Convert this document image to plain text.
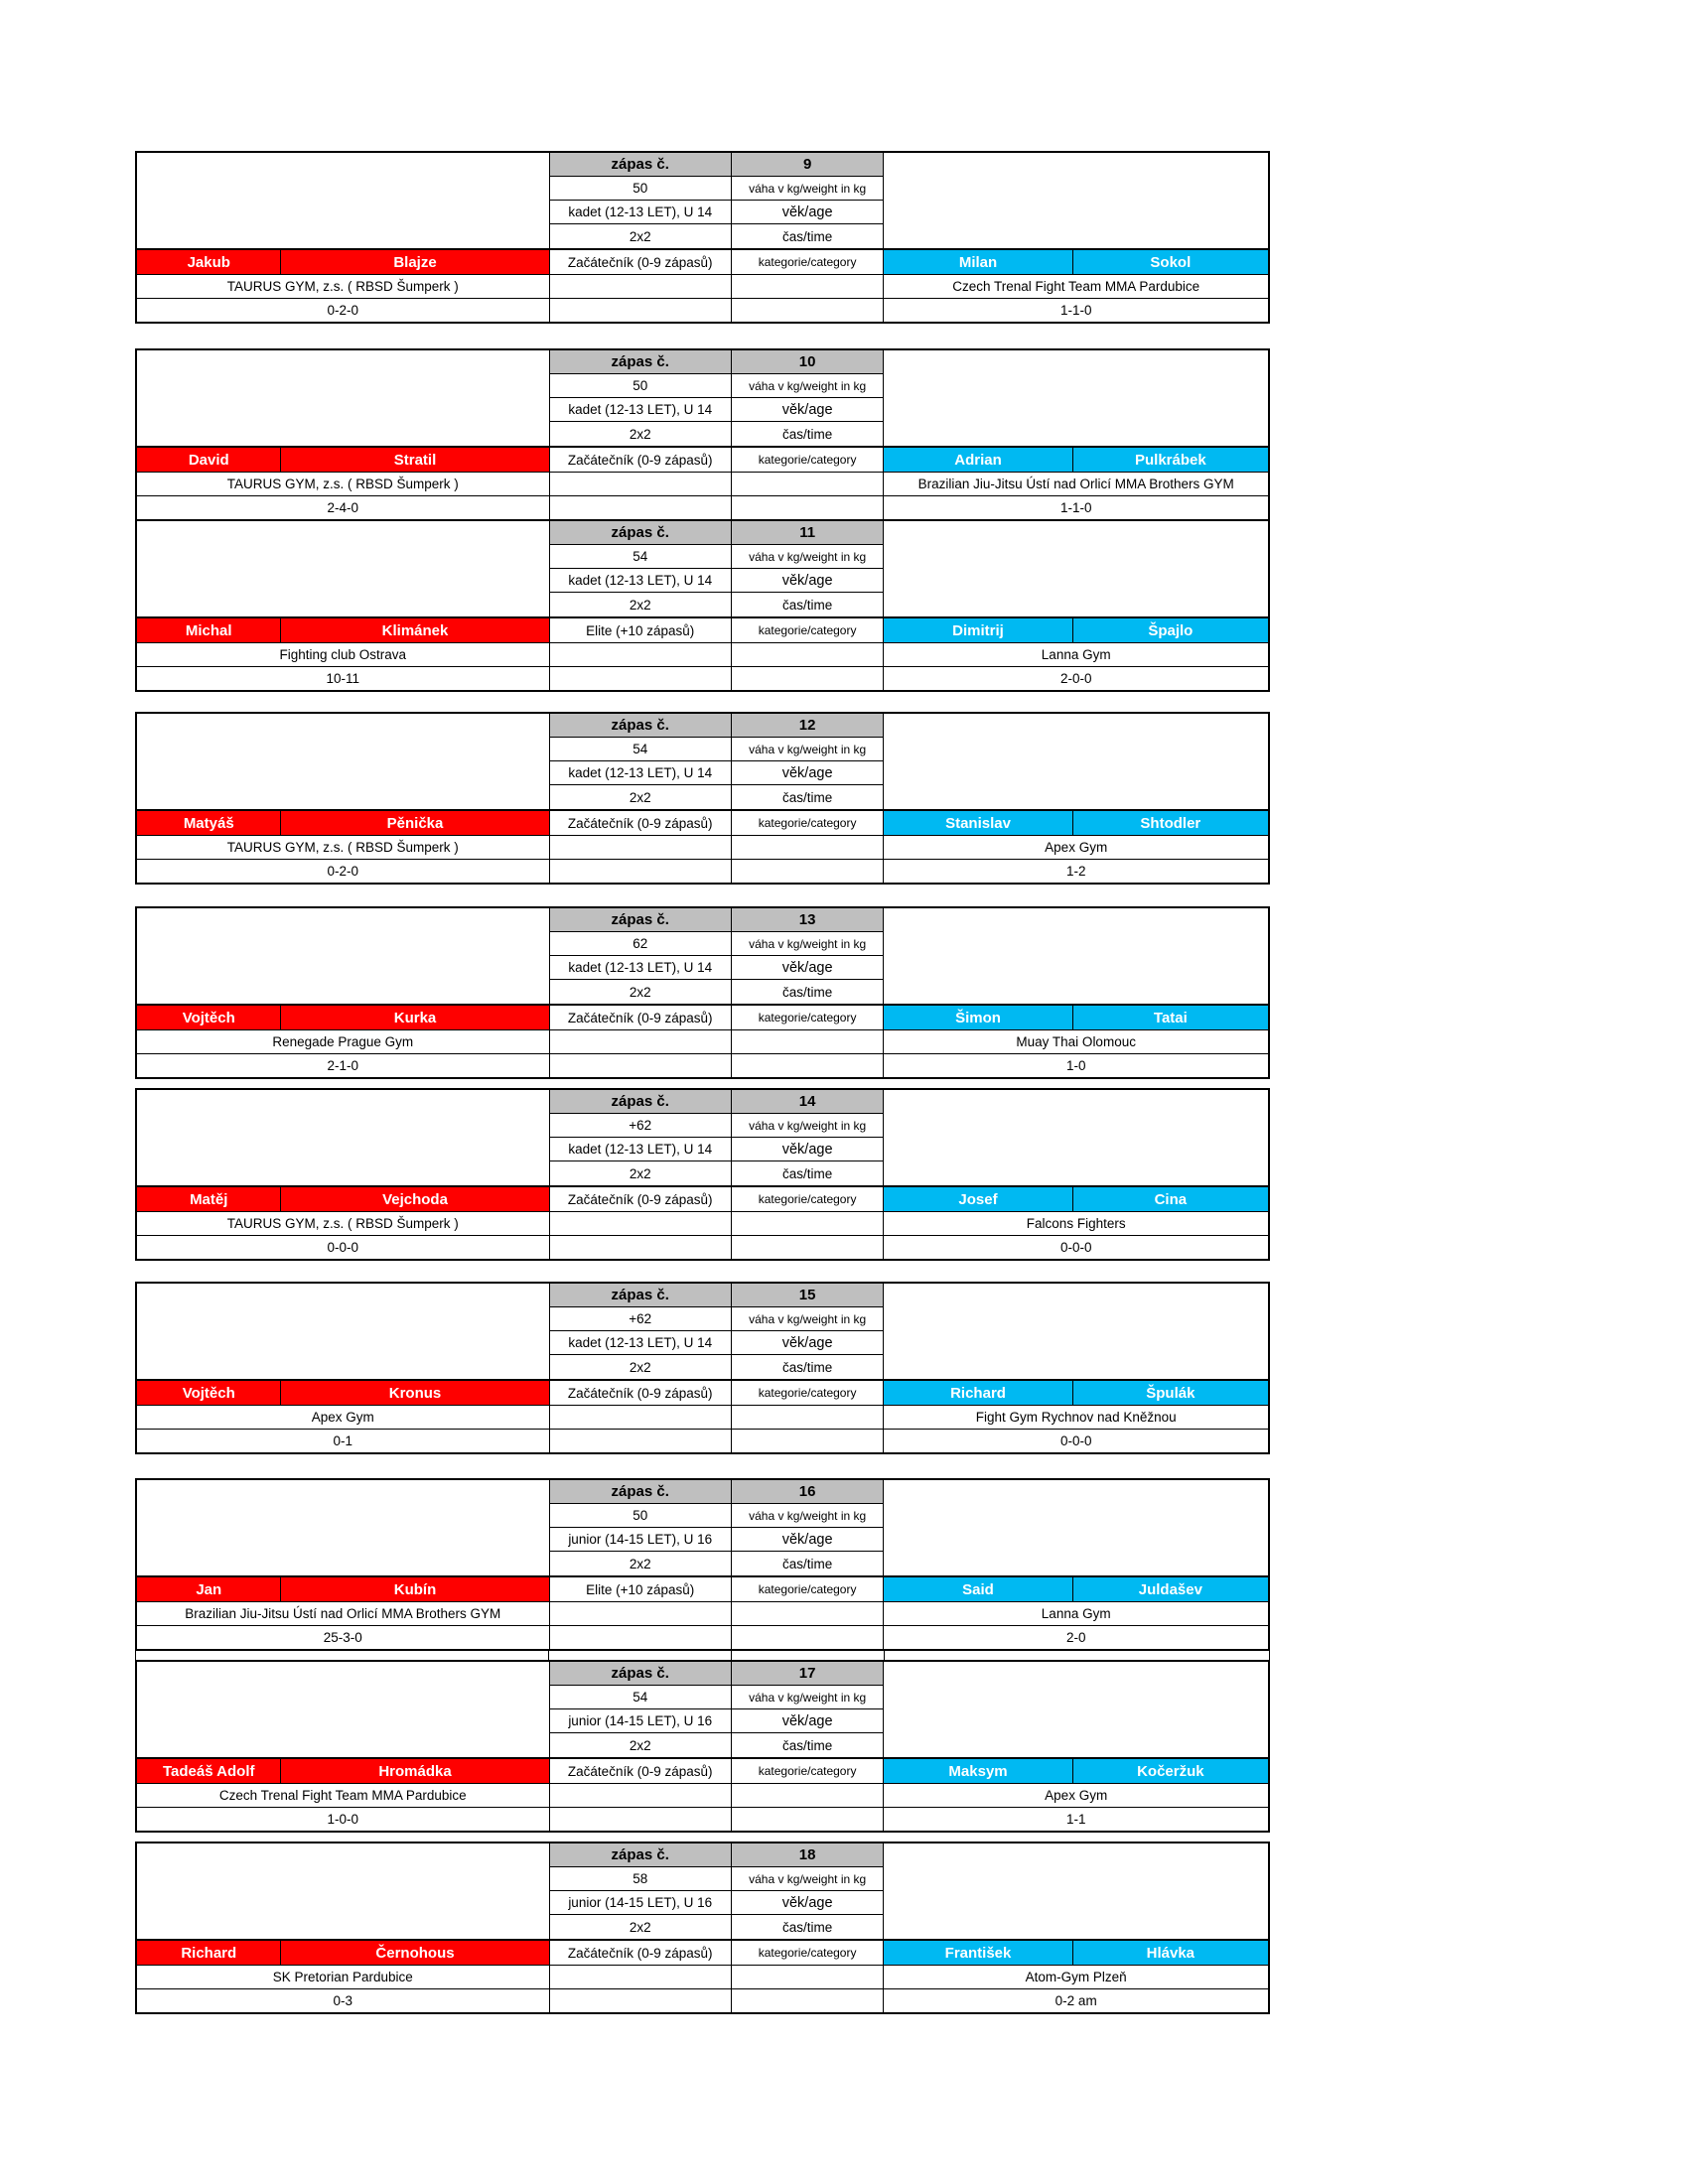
zápas č.	9
50	váha v kg/weight in kg
kadet (12-13 LET), U 14	věk/age
2x2	čas/time
Jakub	Blajze	Začátečník (0-9 zápasů)	kategorie/category	Milan	Sokol
TAURUS GYM, z.s. ( RBSD Šumperk )	Czech Trenal Fight Team MMA Pardubice
0-2-0	1-1-0
zápas č.	10
50	váha v kg/weight in kg
kadet (12-13 LET), U 14	věk/age
2x2	čas/time
David	Stratil	Začátečník (0-9 zápasů)	kategorie/category	Adrian	Pulkrábek
TAURUS GYM, z.s. ( RBSD Šumperk )	Brazilian Jiu-Jitsu Ústí nad Orlicí MMA Brothers GYM
2-4-0	1-1-0
zápas č.	11
54	váha v kg/weight in kg
kadet (12-13 LET), U 14	věk/age
2x2	čas/time
Michal	Klimánek	Elite (+10 zápasů)	kategorie/category	Dimitrij	Špajlo
Fighting club Ostrava	Lanna Gym
10-11	2-0-0
zápas č.	12
54	váha v kg/weight in kg
kadet (12-13 LET), U 14	věk/age
2x2	čas/time
Matyáš	Pěnička	Začátečník (0-9 zápasů)	kategorie/category	Stanislav	Shtodler
TAURUS GYM, z.s. ( RBSD Šumperk )	Apex Gym
0-2-0	1-2
zápas č.	13
62	váha v kg/weight in kg
kadet (12-13 LET), U 14	věk/age
2x2	čas/time
Vojtěch	Kurka	Začátečník (0-9 zápasů)	kategorie/category	Šimon	Tatai
Renegade Prague Gym	Muay Thai Olomouc
2-1-0	1-0
zápas č.	14
+62	váha v kg/weight in kg
kadet (12-13 LET), U 14	věk/age
2x2	čas/time
Matěj	Vejchoda	Začátečník (0-9 zápasů)	kategorie/category	Josef	Cina
TAURUS GYM, z.s. ( RBSD Šumperk )	Falcons Fighters
0-0-0	0-0-0
zápas č.	15
+62	váha v kg/weight in kg
kadet (12-13 LET), U 14	věk/age
2x2	čas/time
Vojtěch	Kronus	Začátečník (0-9 zápasů)	kategorie/category	Richard	Špulák
Apex Gym	Fight Gym Rychnov nad Kněžnou
0-1	0-0-0
zápas č.	16
50	váha v kg/weight in kg
junior (14-15 LET), U 16	věk/age
2x2	čas/time
Jan	Kubín	Elite (+10 zápasů)	kategorie/category	Said	Juldašev
Brazilian Jiu-Jitsu Ústí nad Orlicí MMA Brothers GYM	Lanna Gym
25-3-0	2-0
zápas č.	17
54	váha v kg/weight in kg
junior (14-15 LET), U 16	věk/age
2x2	čas/time
Tadeáš Adolf	Hromádka	Začátečník (0-9 zápasů)	kategorie/category	Maksym	Kočeržuk
Czech Trenal Fight Team MMA Pardubice	Apex Gym
1-0-0	1-1
zápas č.	18
58	váha v kg/weight in kg
junior (14-15 LET), U 16	věk/age
2x2	čas/time
Richard	Černohous	Začátečník (0-9 zápasů)	kategorie/category	František	Hlávka
SK Pretorian Pardubice	Atom-Gym Plzeň
0-3	0-2 am
